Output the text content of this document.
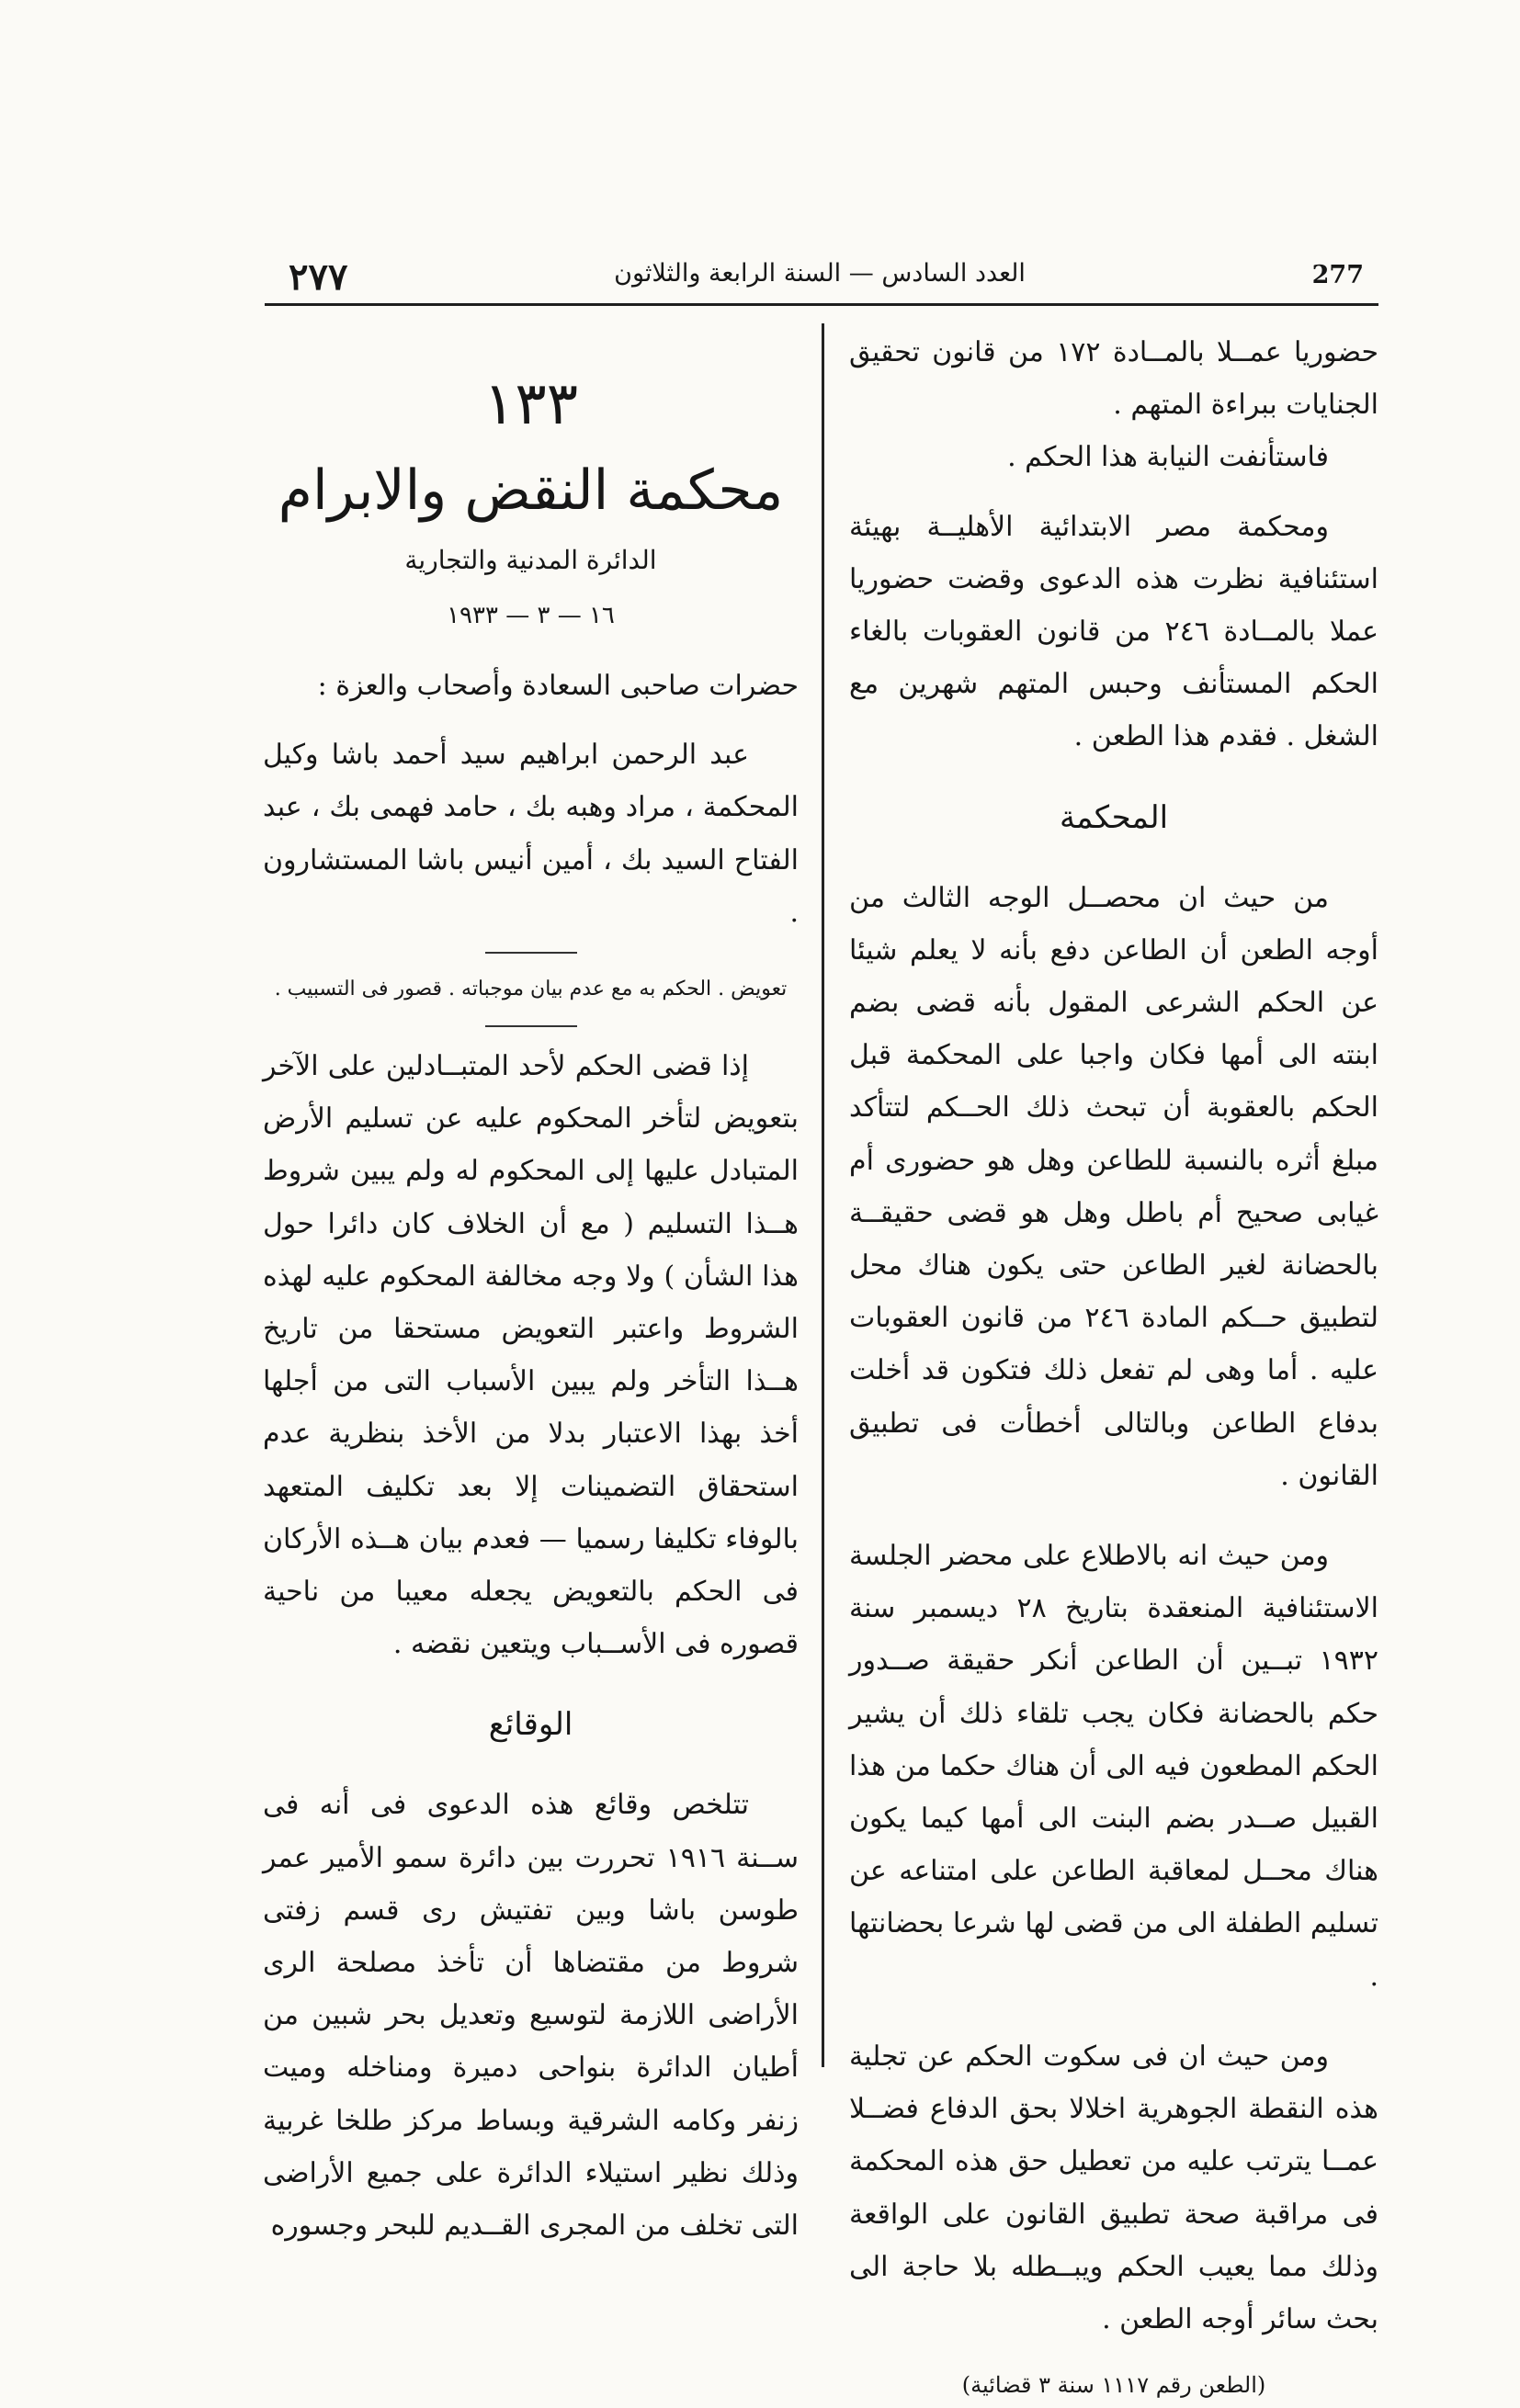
٢٧٧	العدد السادس — السنة الرابعة والثلاثون	277

حضوريا عمــلا بالمــادة ١٧٢ من قانون تحقيق الجنايات ببراءة المتهم .

فاستأنفت النيابة هذا الحكم .

ومحكمة مصر الابتدائية الأهليــة بهيئة استئنافية نظرت هذه الدعوى وقضت حضوريا عملا بالمــادة ٢٤٦ من قانون العقوبات بالغاء الحكم المستأنف وحبس المتهم شهرين مع الشغل . فقدم هذا الطعن .

المحكمة

من حيث ان محصــل الوجه الثالث من أوجه الطعن أن الطاعن دفع بأنه لا يعلم شيئا عن الحكم الشرعى المقول بأنه قضى بضم ابنته الى أمها فكان واجبا على المحكمة قبل الحكم بالعقوبة أن تبحث ذلك الحــكم لتتأكد مبلغ أثره بالنسبة للطاعن وهل هو حضورى أم غيابى صحيح أم باطل وهل هو قضى حقيقــة بالحضانة لغير الطاعن حتى يكون هناك محل لتطبيق حــكم المادة ٢٤٦ من قانون العقوبات عليه . أما وهى لم تفعل ذلك فتكون قد أخلت بدفاع الطاعن وبالتالى أخطأت فى تطبيق القانون .

ومن حيث انه بالاطلاع على محضر الجلسة الاستئنافية المنعقدة بتاريخ ٢٨ ديسمبر سنة ١٩٣٢ تبــين أن الطاعن أنكر حقيقة صــدور حكم بالحضانة فكان يجب تلقاء ذلك أن يشير الحكم المطعون فيه الى أن هناك حكما من هذا القبيل صــدر بضم البنت الى أمها كيما يكون هناك محــل لمعاقبة الطاعن على امتناعه عن تسليم الطفلة الى من قضى لها شرعا بحضانتها .

ومن حيث ان فى سكوت الحكم عن تجلية هذه النقطة الجوهرية اخلالا بحق الدفاع فضــلا عمــا يترتب عليه من تعطيل حق هذه المحكمة فى مراقبة صحة تطبيق القانون على الواقعة وذلك مما يعيب الحكم ويبــطله بلا حاجة الى بحث سائر أوجه الطعن .

(الطعن رقم ١١١٧ سنة ٣ قضائية)

١٣٣

محكمة النقض والابرام

الدائرة المدنية والتجارية

١٦ — ٣ — ١٩٣٣

حضرات صاحبى السعادة وأصحاب والعزة :

عبد الرحمن ابراهيم سيد أحمد باشا وكيل المحكمة ، مراد وهبه بك ، حامد فهمى بك ، عبد الفتاح السيد بك ، أمين أنيس باشا المستشارون .

تعويض . الحكم به مع عدم بيان موجباته . قصور فى التسبيب .

إذا قضى الحكم لأحد المتبــادلين على الآخر بتعويض لتأخر المحكوم عليه عن تسليم الأرض المتبادل عليها إلى المحكوم له ولم يبين شروط هــذا التسليم ( مع أن الخلاف كان دائرا حول هذا الشأن ) ولا وجه مخالفة المحكوم عليه لهذه الشروط واعتبر التعويض مستحقا من تاريخ هــذا التأخر ولم يبين الأسباب التى من أجلها أخذ بهذا الاعتبار بدلا من الأخذ بنظرية عدم استحقاق التضمينات إلا بعد تكليف المتعهد بالوفاء تكليفا رسميا — فعدم بيان هــذه الأركان فى الحكم بالتعويض يجعله معيبا من ناحية قصوره فى الأســباب ويتعين نقضه .

الوقائع

تتلخص وقائع هذه الدعوى فى أنه فى ســنة ١٩١٦ تحررت بين دائرة سمو الأمير عمر طوسن باشا وبين تفتيش رى قسم زفتى شروط من مقتضاها أن تأخذ مصلحة الرى الأراضى اللازمة لتوسيع وتعديل بحر شبين من أطيان الدائرة بنواحى دميرة ومناخله وميت زنفر وكامه الشرقية وبساط مركز طلخا غربية وذلك نظير استيلاء الدائرة على جميع الأراضى التى تخلف من المجرى القــديم للبحر وجسوره
